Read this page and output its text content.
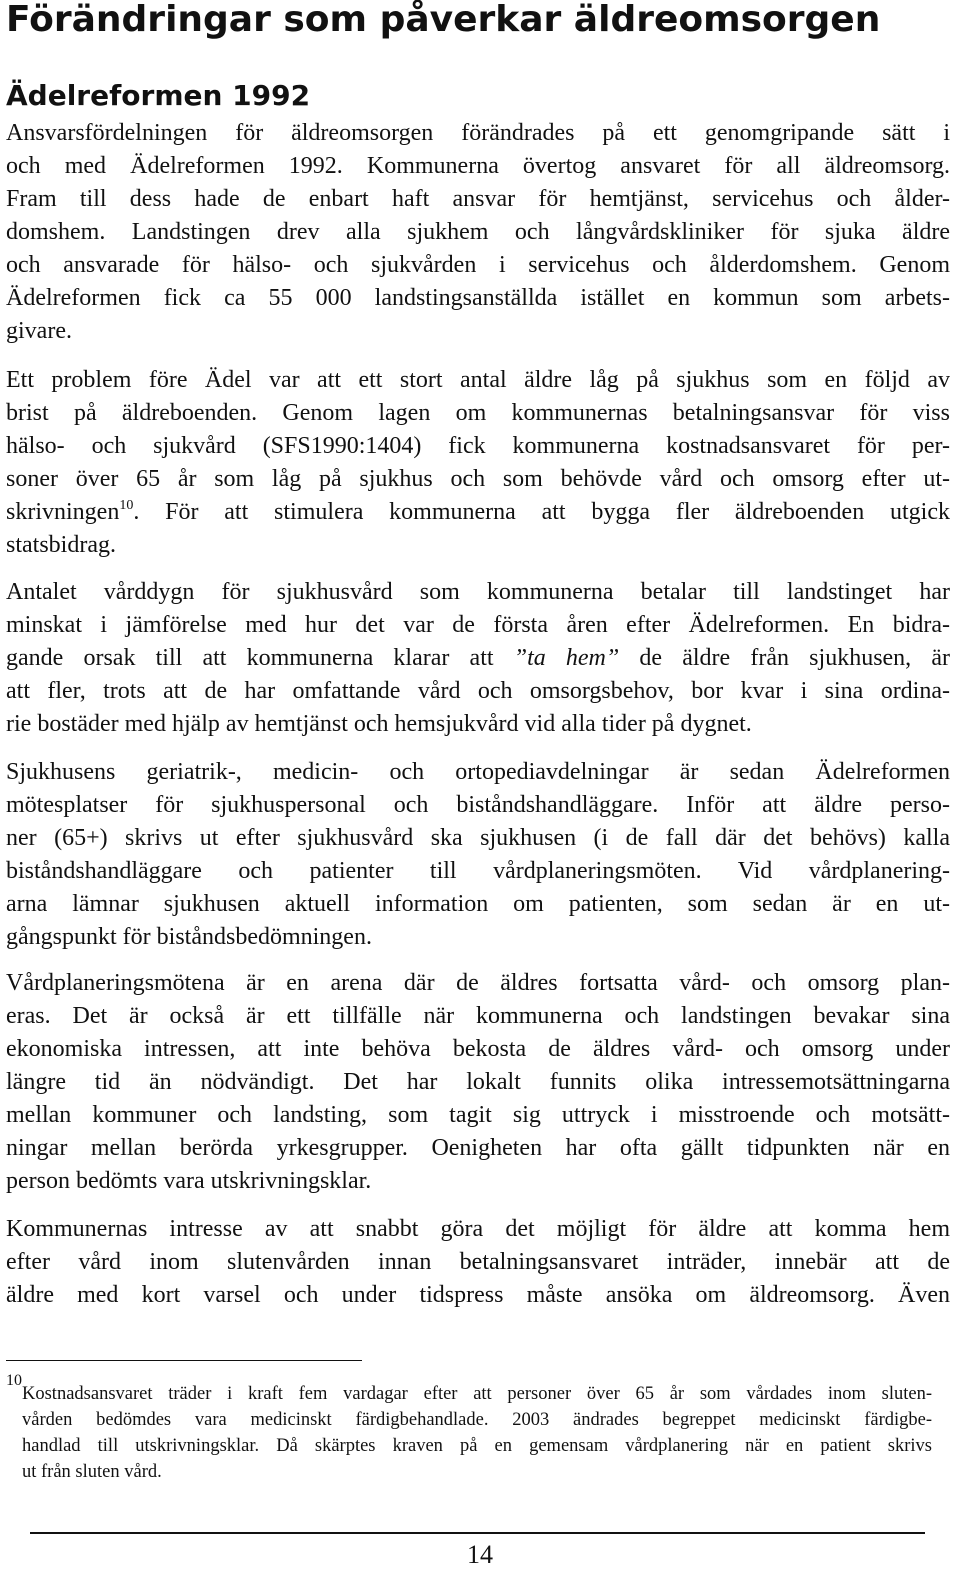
Förändringar som påverkar äldreomsorgen
Ädelreformen 1992
Ansvarsfördelningen för äldreomsorgen förändrades på ett genomgripande sätt i
och med Ädelreformen 1992. Kommunerna övertog ansvaret för all äldreomsorg.
Fram till dess hade de enbart haft ansvar för hemtjänst, servicehus och ålder-
domshem. Landstingen drev alla sjukhem och långvårdskliniker för sjuka äldre
och ansvarade för hälso- och sjukvården i servicehus och ålderdomshem. Genom
Ädelreformen fick ca 55 000 landstingsanställda istället en kommun som arbets-
givare.
Ett problem före Ädel var att ett stort antal äldre låg på sjukhus som en följd av
brist på äldreboenden. Genom lagen om kommunernas betalningsansvar för viss
hälso- och sjukvård (SFS1990:1404) fick kommunerna kostnadsansvaret för per-
soner över 65 år som låg på sjukhus och som behövde vård och omsorg efter ut-
skrivningen$^{10}$. För att stimulera kommunerna att bygga fler äldreboenden utgick
statsbidrag.
Antalet vårddygn för sjukhusvård som kommunerna betalar till landstinget har
minskat i jämförelse med hur det var de första åren efter Ädelreformen. En bidra-
gande orsak till att kommunerna klarar att ”ta hem” de äldre från sjukhusen, är
att fler, trots att de har omfattande vård och omsorgsbehov, bor kvar i sina ordina-
rie bostäder med hjälp av hemtjänst och hemsjukvård vid alla tider på dygnet.
Sjukhusens geriatrik-, medicin- och ortopediavdelningar är sedan Ädelreformen
mötesplatser för sjukhuspersonal och biståndshandläggare. Inför att äldre perso-
ner (65+) skrivs ut efter sjukhusvård ska sjukhusen (i de fall där det behövs) kalla
biståndshandläggare och patienter till vårdplaneringsmöten. Vid vårdplanering-
arna lämnar sjukhusen aktuell information om patienten, som sedan är en ut-
gångspunkt för biståndsbedömningen.
Vårdplaneringsmötena är en arena där de äldres fortsatta vård- och omsorg plan-
eras. Det är också är ett tillfälle när kommunerna och landstingen bevakar sina
ekonomiska intressen, att inte behöva bekosta de äldres vård- och omsorg under
längre tid än nödvändigt. Det har lokalt funnits olika intressemotsättningarna
mellan kommuner och landsting, som tagit sig uttryck i misstroende och motsätt-
ningar mellan berörda yrkesgrupper. Oenigheten har ofta gällt tidpunkten när en
person bedömts vara utskrivningsklar.
Kommunernas intresse av att snabbt göra det möjligt för äldre att komma hem
efter vård inom slutenvården innan betalningsansvaret inträder, innebär att de
äldre med kort varsel och under tidspress måste ansöka om äldreomsorg. Även
10
Kostnadsansvaret träder i kraft fem vardagar efter att personer över 65 år som vårdades inom sluten-
vården bedömdes vara medicinskt färdigbehandlade. 2003 ändrades begreppet medicinskt färdigbe-
handlad till utskrivningsklar. Då skärptes kraven på en gemensam vårdplanering när en patient skrivs
ut från sluten vård.
14
